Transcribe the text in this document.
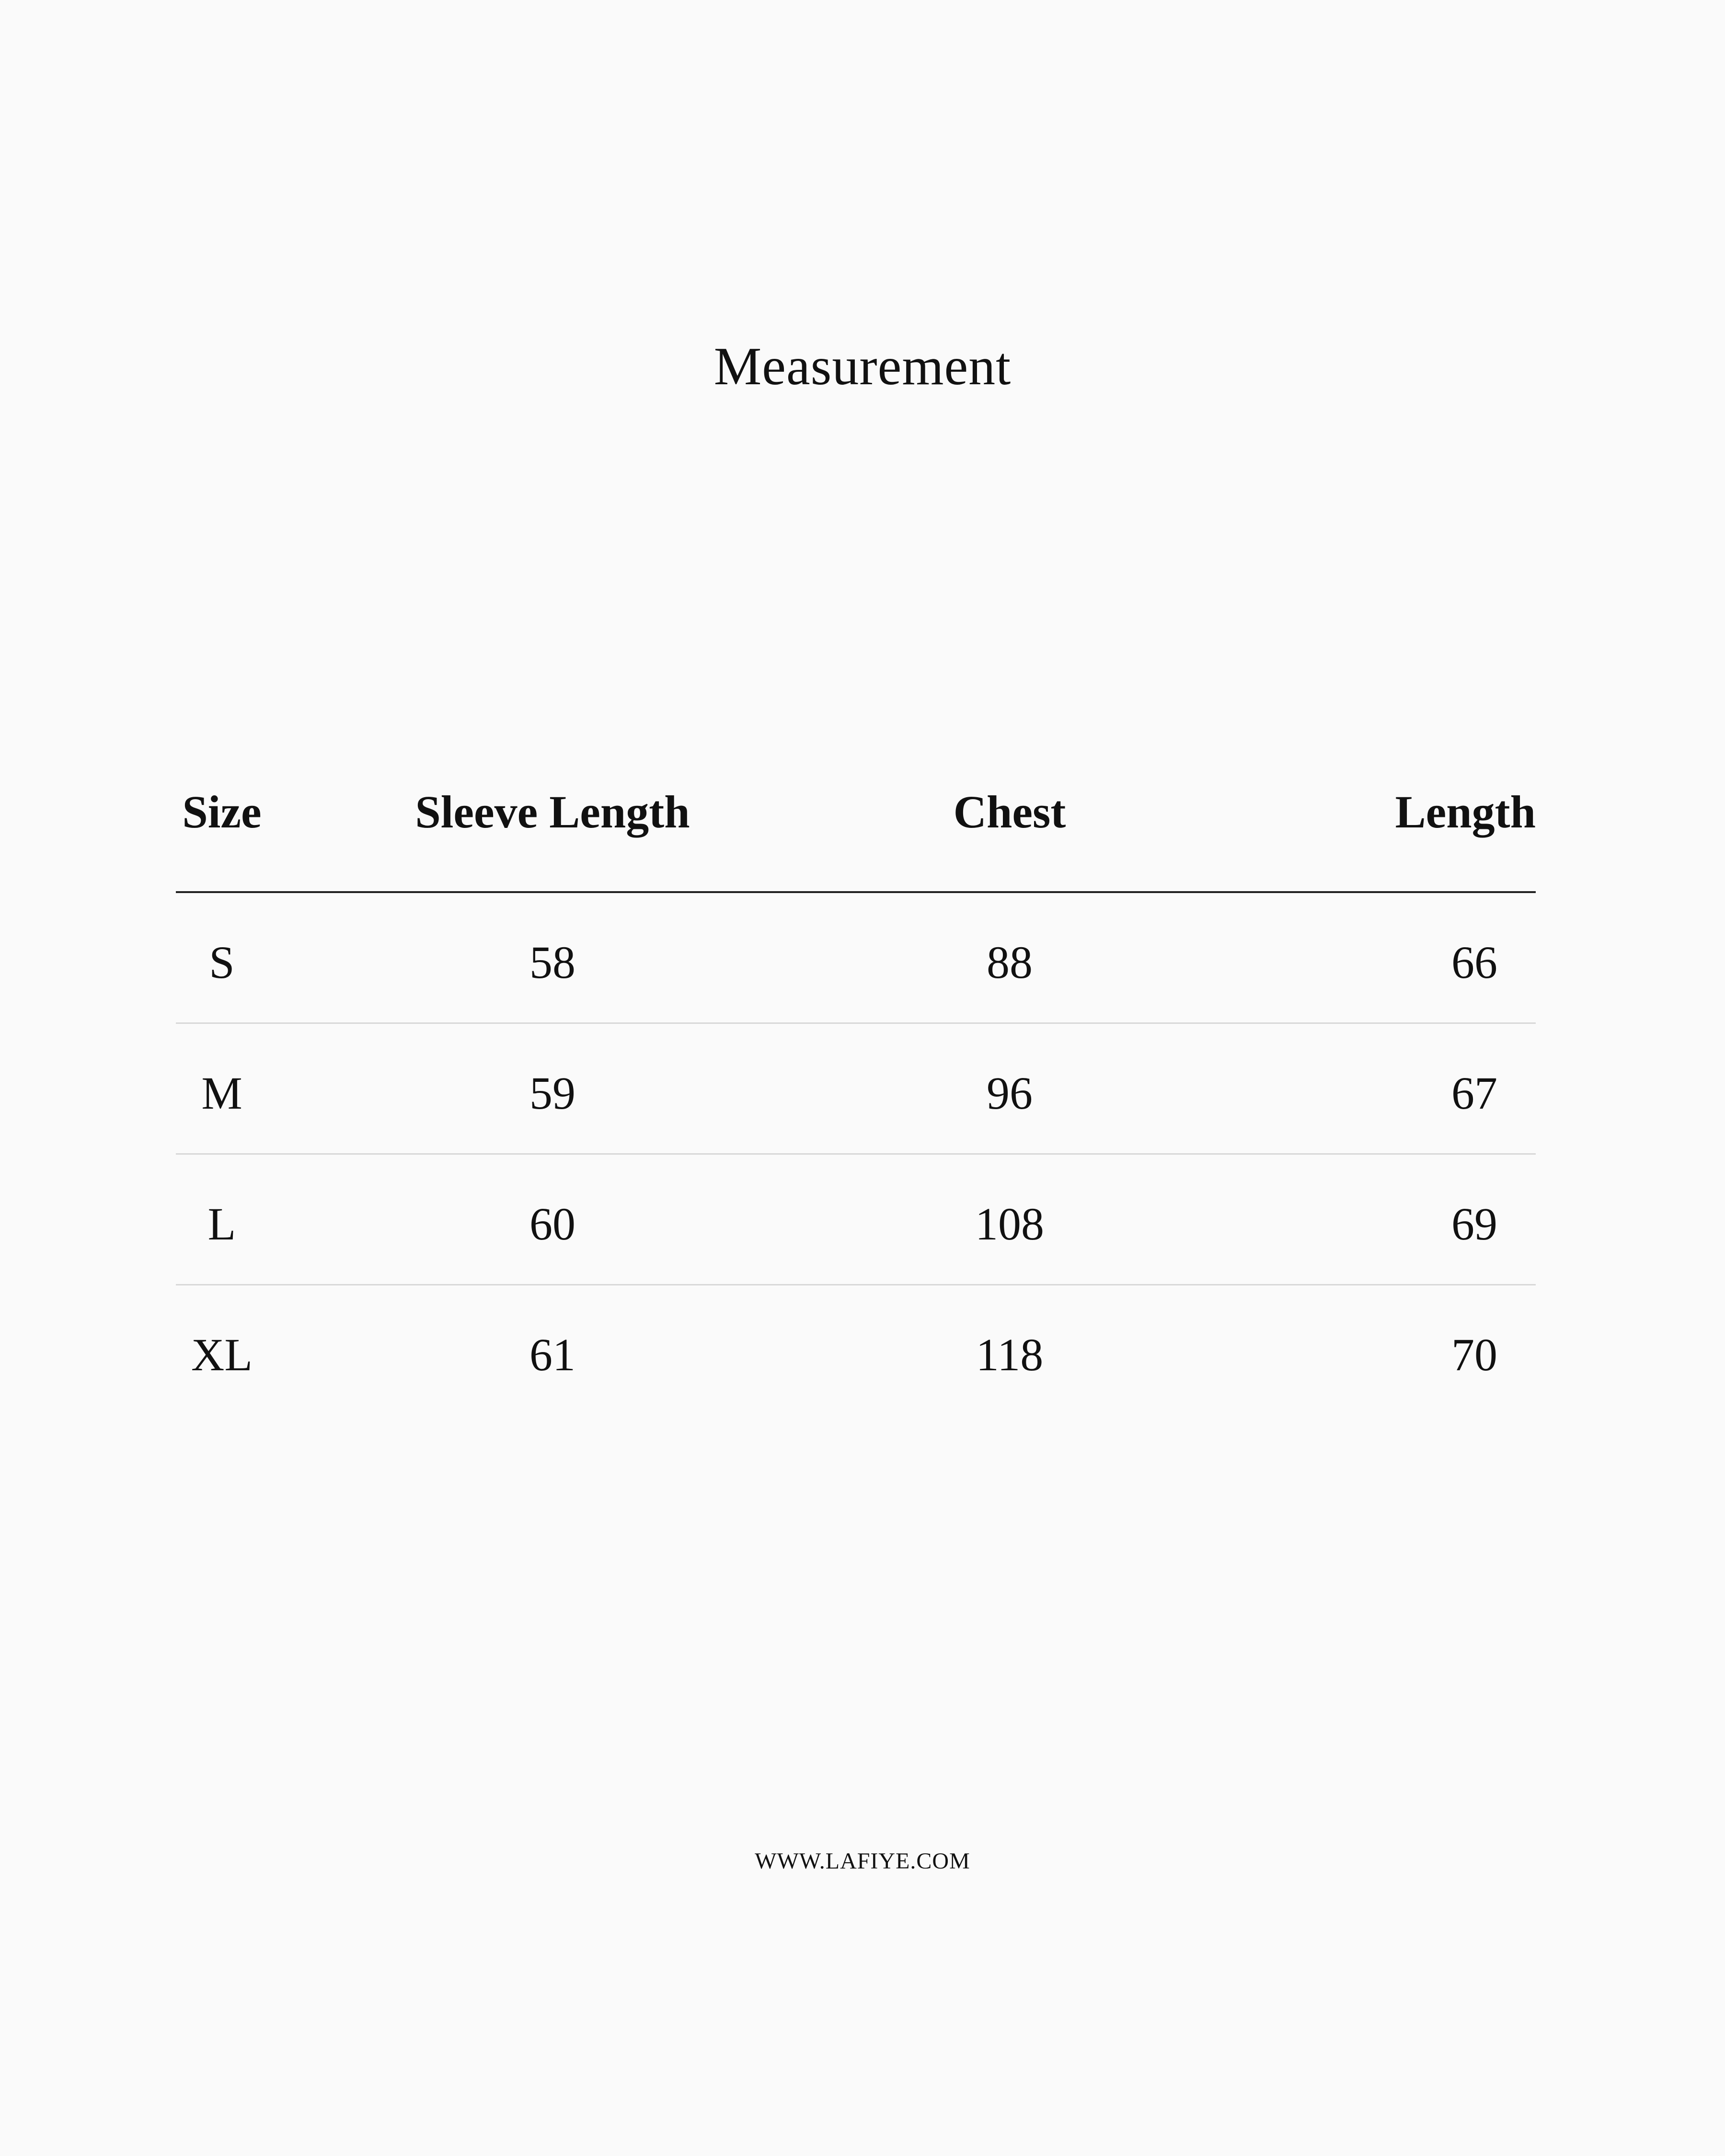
Measurement
Size	Sleeve Length	Chest	Length
S	58	88	66
M	59	96	67
L	60	108	69
XL	61	118	70
WWW.LAFIYE.COM
